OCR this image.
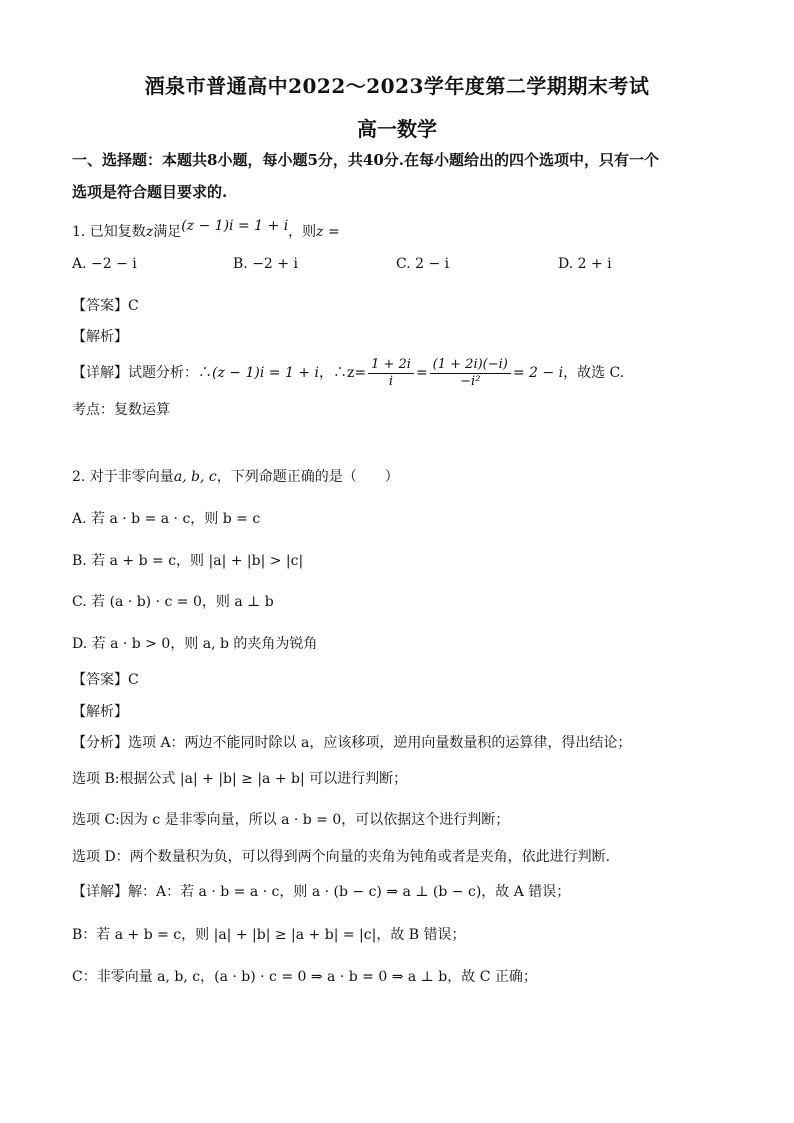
酒泉市普通高中2022～2023学年度第二学期期末考试
高一数学
一、选择题：本题共8小题，每小题5分，共40分.在每小题给出的四个选项中，只有一个
选项是符合题目要求的.
1. 已知复数z满足(z − 1)i = 1 + i，则z =
A. −2 − i	B. −2 + i	C. 2 − i	D. 2 + i
【答案】C
【解析】
【详解】试题分析：∴(z − 1)i = 1 + i，∴z= $\frac{1 + 2i}{i} = \frac{(1 + 2i)(-i)}{\text{−i²}} = 2 - i$，故选 C.
考点：复数运算
2. 对于非零向量a, b, c，下列命题正确的是（　　）
A. 若 a · b = a · c，则 b = c
B. 若 a + b = c，则 |a| + |b| > |c|
C. 若 (a · b) · c = 0，则 a ⊥ b
D. 若 a · b > 0，则 a, b 的夹角为锐角
【答案】C
【解析】
【分析】选项 A：两边不能同时除以 a，应该移项，逆用向量数量积的运算律，得出结论；
选项 B:根据公式 |a| + |b| ≥ |a + b| 可以进行判断；
选项 C:因为 c 是非零向量，所以 a · b = 0，可以依据这个进行判断；
选项 D：两个数量积为负，可以得到两个向量的夹角为钝角或者是夹角，依此进行判断.
【详解】解：A：若 a · b = a · c，则 a · (b − c) ⇒ a ⊥ (b − c)，故 A 错误；
B：若 a + b = c，则 |a| + |b| ≥ |a + b| = |c|，故 B 错误；
C：非零向量 a, b, c，(a · b) · c = 0 ⇒ a · b = 0 ⇒ a ⊥ b，故 C 正确；
